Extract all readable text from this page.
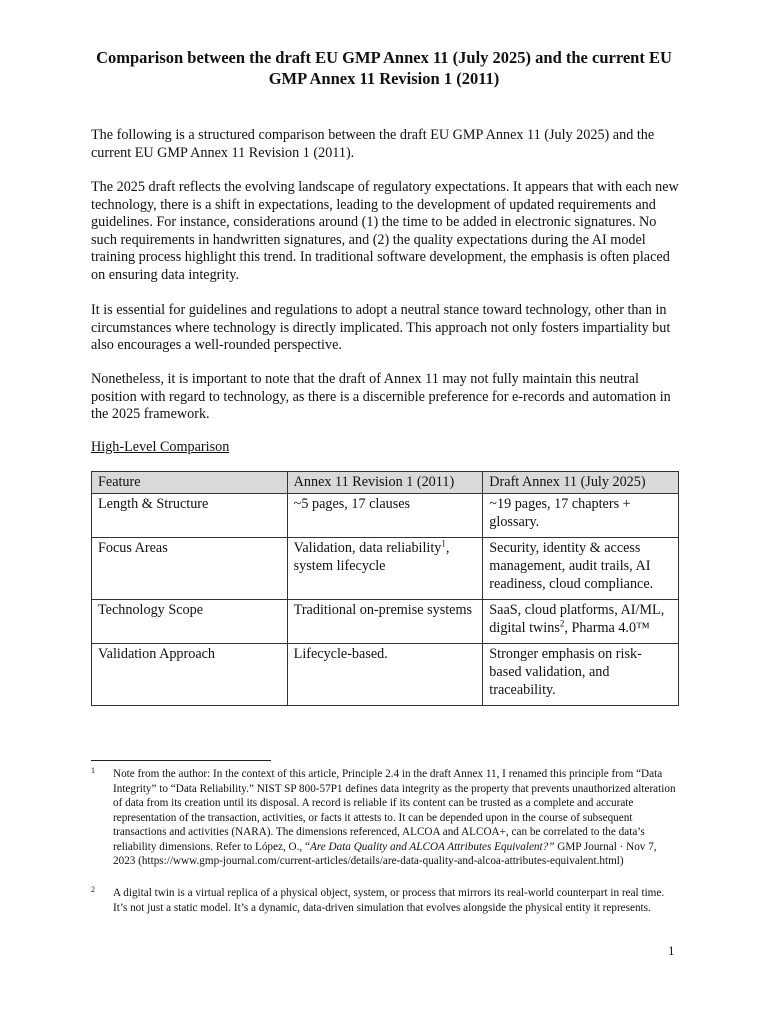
Comparison between the draft EU GMP Annex 11 (July 2025) and the current EU GMP Annex 11 Revision 1 (2011)

The following is a structured comparison between the draft EU GMP Annex 11 (July 2025) and the current EU GMP Annex 11 Revision 1 (2011).

The 2025 draft reflects the evolving landscape of regulatory expectations. It appears that with each new technology, there is a shift in expectations, leading to the development of updated requirements and guidelines. For instance, considerations around (1) the time to be added in electronic signatures. No such requirements in handwritten signatures, and (2) the quality expectations during the AI model training process highlight this trend. In traditional software development, the emphasis is often placed on ensuring data integrity.

It is essential for guidelines and regulations to adopt a neutral stance toward technology, other than in circumstances where technology is directly implicated. This approach not only fosters impartiality but also encourages a well-rounded perspective.

Nonetheless, it is important to note that the draft of Annex 11 may not fully maintain this neutral position with regard to technology, as there is a discernible preference for e-records and automation in the 2025 framework.

High-Level Comparison
Feature	Annex 11 Revision 1 (2011)	Draft Annex 11 (July 2025)
Length & Structure	~5 pages, 17 clauses	~19 pages, 17 chapters + glossary.
Focus Areas	Validation, data reliability$^1$, system lifecycle	Security, identity & access management, audit trails, AI readiness, cloud compliance.
Technology Scope	Traditional on-premise systems	SaaS, cloud platforms, AI/ML, digital twins$^2$, Pharma 4.0™
Validation Approach	Lifecycle-based.	Stronger emphasis on risk-based validation, and traceability.

1 Note from the author: In the context of this article, Principle 2.4 in the draft Annex 11, I renamed this principle from “Data Integrity” to “Data Reliability.” NIST SP 800-57P1 defines data integrity as the property that prevents unauthorized alteration of data from its creation until its disposal. A record is reliable if its content can be trusted as a complete and accurate representation of the transaction, activities, or facts it attests to. It can be depended upon in the course of subsequent transactions and activities (NARA). The dimensions referenced, ALCOA and ALCOA+, can be correlated to the data’s reliability dimensions. Refer to López, O., “Are Data Quality and ALCOA Attributes Equivalent?” GMP Journal · Nov 7, 2023 (https://www.gmp-journal.com/current-articles/details/are-data-quality-and-alcoa-attributes-equivalent.html)

2 A digital twin is a virtual replica of a physical object, system, or process that mirrors its real-world counterpart in real time. It’s not just a static model. It’s a dynamic, data-driven simulation that evolves alongside the physical entity it represents.

1
